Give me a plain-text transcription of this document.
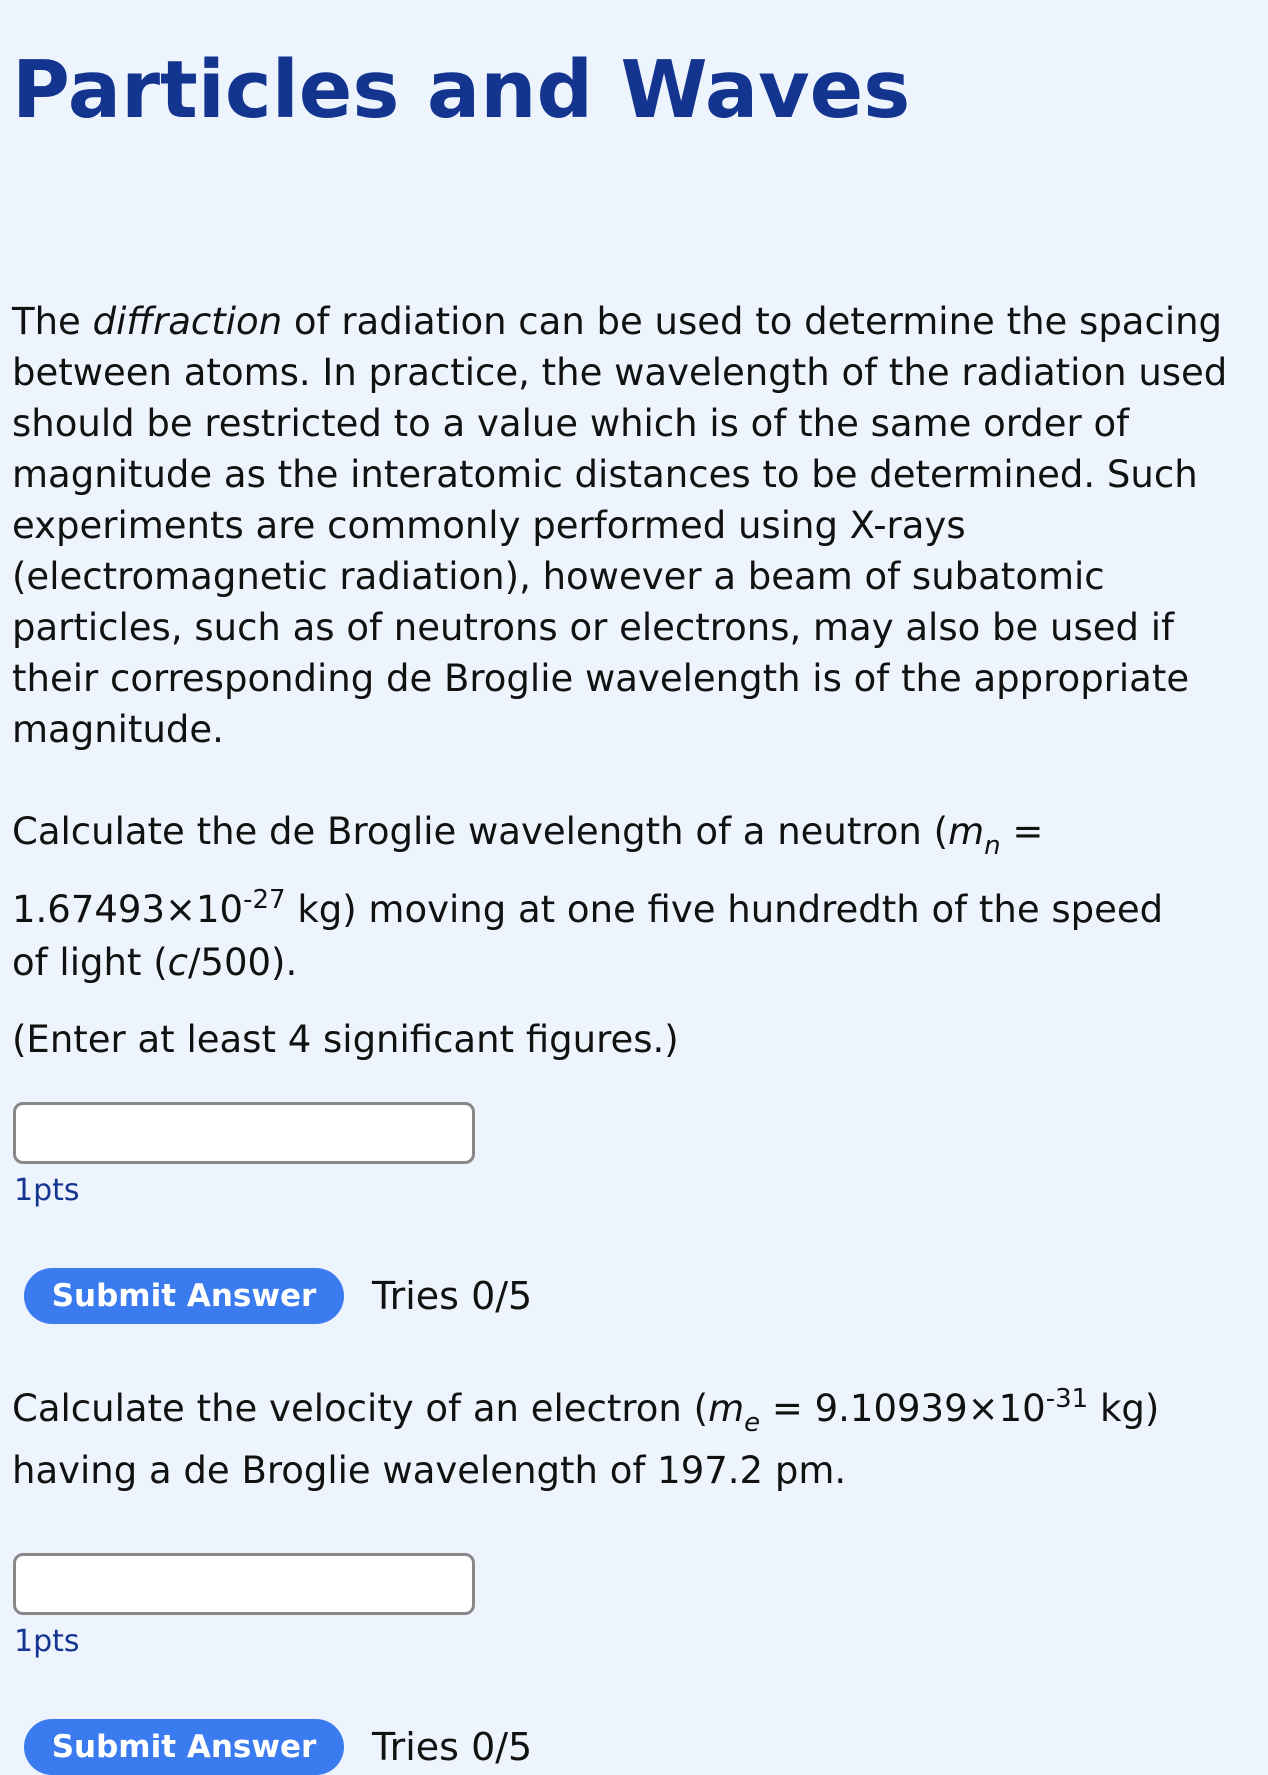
Particles and Waves

The diffraction of radiation can be used to determine the spacing between atoms. In practice, the wavelength of the radiation used should be restricted to a value which is of the same order of magnitude as the interatomic distances to be determined. Such experiments are commonly performed using X-rays (electromagnetic radiation), however a beam of subatomic particles, such as of neutrons or electrons, may also be used if their corresponding de Broglie wavelength is of the appropriate magnitude.

Calculate the de Broglie wavelength of a neutron ($m_n$ =
$1.67493\times 10^{-27}$ kg) moving at one five hundredth of the speed
of light (c/500).

(Enter at least 4 significant figures.)

1pts
Submit Answer	Tries 0/5

Calculate the velocity of an electron ($m_e = 9.10939\times 10^{-31}$ kg) having a de Broglie wavelength of 197.2 pm.

1pts
Submit Answer	Tries 0/5
